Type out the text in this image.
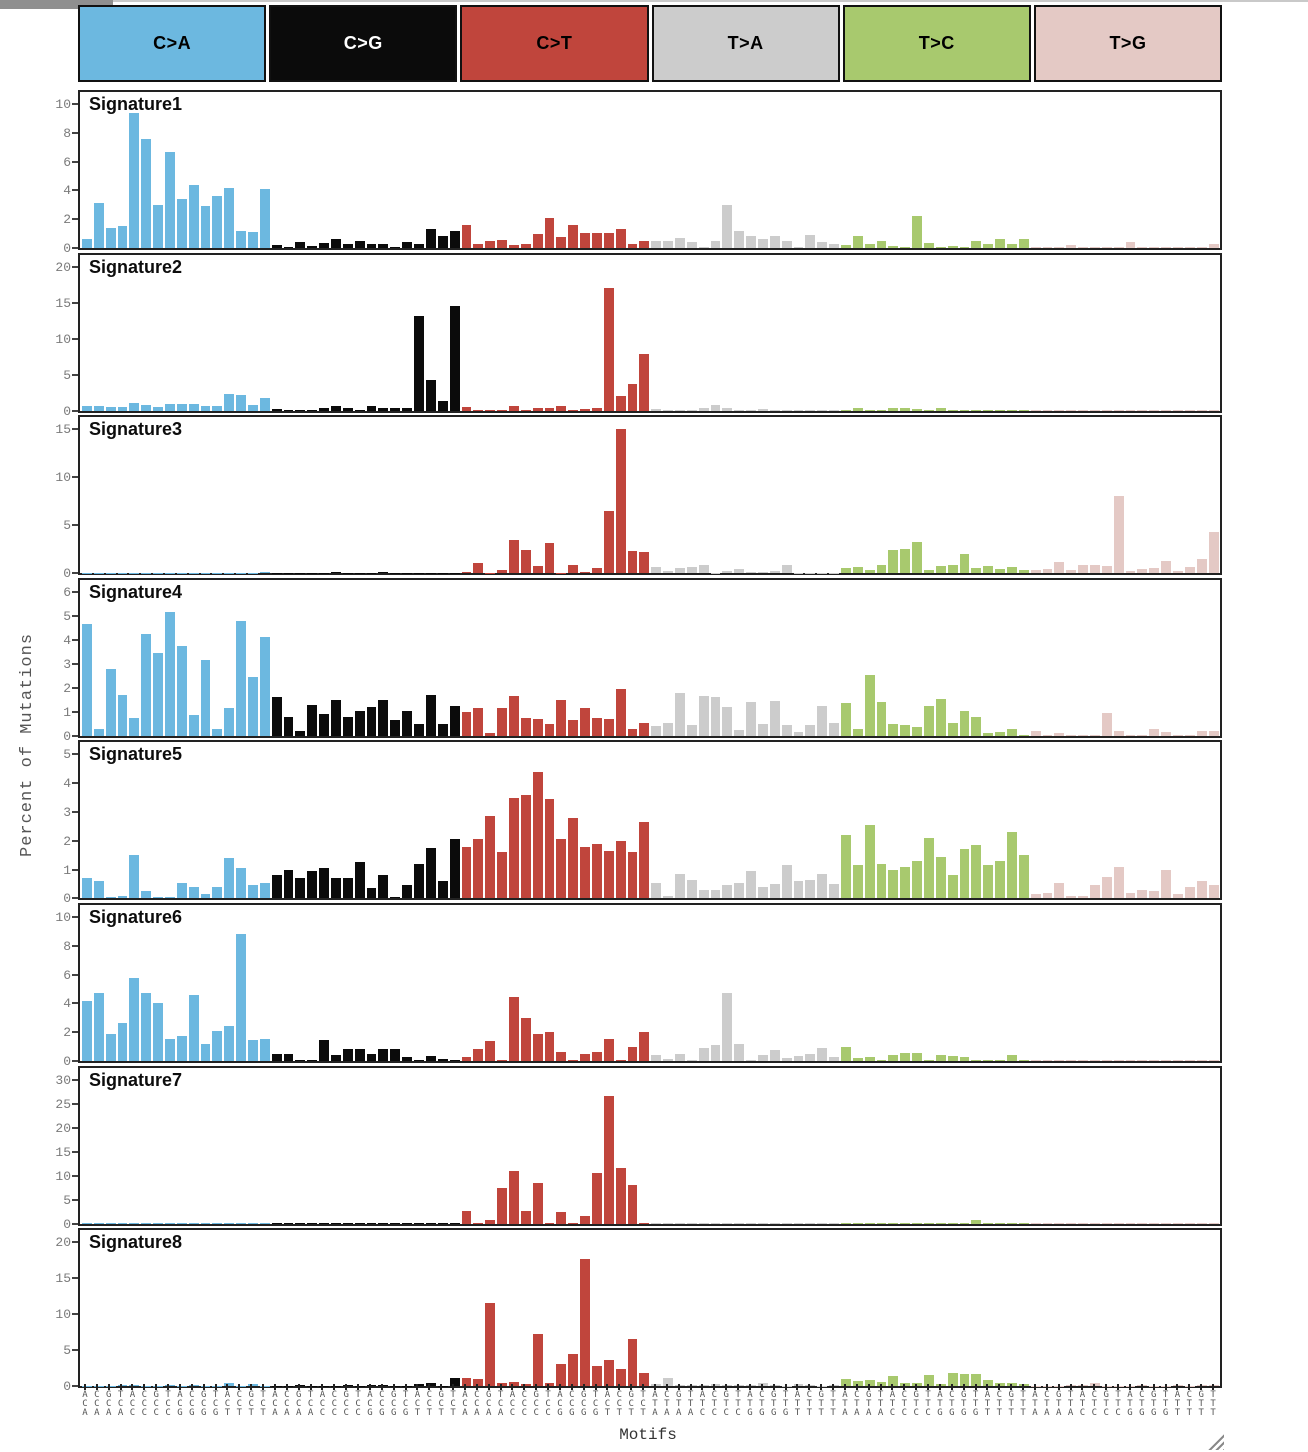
C>A	C>G	C>T	T>A	T>C	T>G
Signature1
0
2
4
6
8
10
Signature2
0
5
10
15
20
Signature3
0
5
10
15
Signature4
0
1
2
3
4
5
6
Signature5
0
1
2
3
4
5
Signature6
0
2
4
6
8
10
Signature7
0
5
10
15
20
25
30
Signature8
0
5
10
15
20
A
C
A
C
C
A
G
C
A
T
C
A
A
C
C
C
C
C
G
C
C
T
C
C
A
C
G
C
C
G
G
C
G
T
C
G
A
C
T
C
C
T
G
C
T
T
C
T
A
C
A
C
C
A
G
C
A
T
C
A
A
C
C
C
C
C
G
C
C
T
C
C
A
C
G
C
C
G
G
C
G
T
C
G
A
C
T
C
C
T
G
C
T
T
C
T
A
C
A
C
C
A
G
C
A
T
C
A
A
C
C
C
C
C
G
C
C
T
C
C
A
C
G
C
C
G
G
C
G
T
C
G
A
C
T
C
C
T
G
C
T
T
C
T
A
T
A
C
T
A
G
T
A
T
T
A
A
T
C
C
T
C
G
T
C
T
T
C
A
T
G
C
T
G
G
T
G
T
T
G
A
T
T
C
T
T
G
T
T
T
T
T
A
T
A
C
T
A
G
T
A
T
T
A
A
T
C
C
T
C
G
T
C
T
T
C
A
T
G
C
T
G
G
T
G
T
T
G
A
T
T
C
T
T
G
T
T
T
T
T
A
T
A
C
T
A
G
T
A
T
T
A
A
T
C
C
T
C
G
T
C
T
T
C
A
T
G
C
T
G
G
T
G
T
T
G
A
T
T
C
T
T
G
T
T
T
T
T
Percent of Mutations
Motifs
